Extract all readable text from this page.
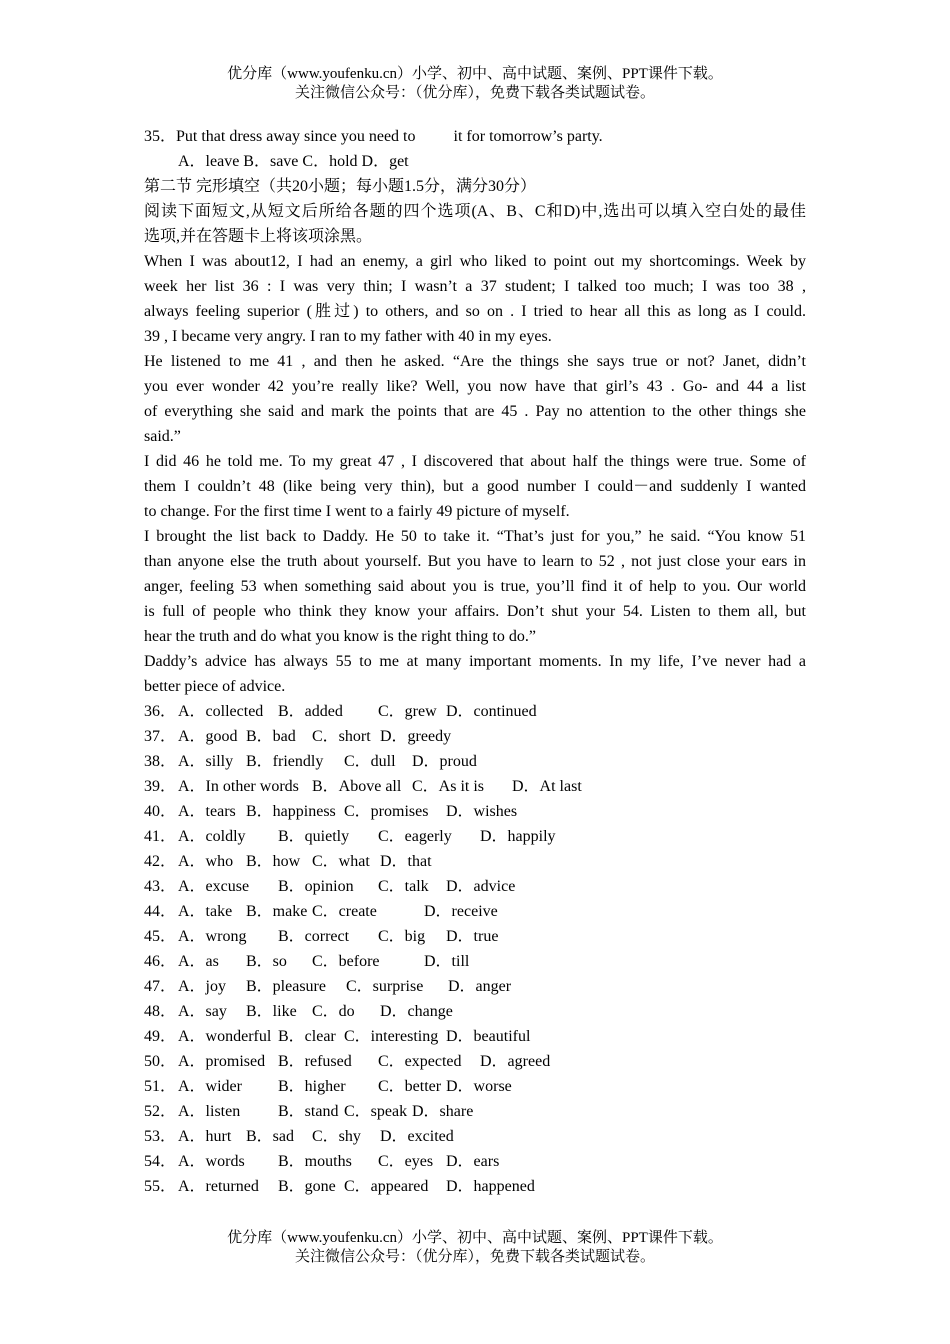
优分库（www.youfenku.cn）小学、初中、高中试题、案例、PPT课件下载。
关注微信公众号：（优分库），免费下载各类试题试卷。
35．Put that dress away since you need to it for tomorrow’s party.
A．leave B．save C．hold D．get
第二节 完形填空（共20小题；每小题1.5分，满分30分）
阅读下面短文,从短文后所给各题的四个选项(A、B、C和D)中,选出可以填入空白处的最佳
选项,并在答题卡上将该项涂黑。
When I was about12, I had an enemy, a girl who liked to point out my shortcomings. Week by
week her list 36 : I was very thin; I wasn’t a 37 student; I talked too much; I was too 38 ,
always feeling superior (胜过) to others, and so on . I tried to hear all this as long as I could.
39 , I became very angry. I ran to my father with 40 in my eyes.
He listened to me 41 , and then he asked. “Are the things she says true or not? Janet, didn’t
you ever wonder 42 you’re really like? Well, you now have that girl’s 43 . Go- and 44 a list
of everything she said and mark the points that are 45 . Pay no attention to the other things she
said.”
I did 46 he told me. To my great 47 , I discovered that about half the things were true. Some of
them I couldn’t 48 (like being very thin), but a good number I could－and suddenly I wanted
to change. For the first time I went to a fairly 49 picture of myself.
I brought the list back to Daddy. He 50 to take it. “That’s just for you,” he said. “You know 51
than anyone else the truth about yourself. But you have to learn to 52 , not just close your ears in
anger, feeling 53 when something said about you is true, you’ll find it of help to you. Our world
is full of people who think they know your affairs. Don’t shut your 54. Listen to them all, but
hear the truth and do what you know is the right thing to do.”
Daddy’s advice has always 55 to me at many important moments. In my life, I’ve never had a
better piece of advice.
36． A．collected B．added C．grew D．continued
37． A．good B．bad C．short D．greedy
38． A．silly B．friendly C．dull D．proud
39． A．In other words B．Above all C．As it is D．At last
40． A．tears B．happiness C．promises D．wishes
41． A．coldly B．quietly C．eagerly D．happily
42． A．who B．how C．what D．that
43． A．excuse B．opinion C．talk D．advice
44． A．take B．make C．create	D．receive
45． A．wrong B．correct C．big D．true
46． A．as B．so C．before	D．till
47． A．joy B．pleasure C．surprise D．anger
48． A．say B．like C．do D．change
49． A．wonderful B．clear C．interesting D．beautiful
50． A．promised B．refused C．expected D．agreed
51． A．wider B．higher C．better D．worse
52． A．listen B．stand C．speak D．share
53． A．hurt B．sad C．shy D．excited
54． A．words B．mouths C．eyes D．ears
55． A．returned B．gone C．appeared D．happened
优分库（www.youfenku.cn）小学、初中、高中试题、案例、PPT课件下载。
关注微信公众号：（优分库），免费下载各类试题试卷。
